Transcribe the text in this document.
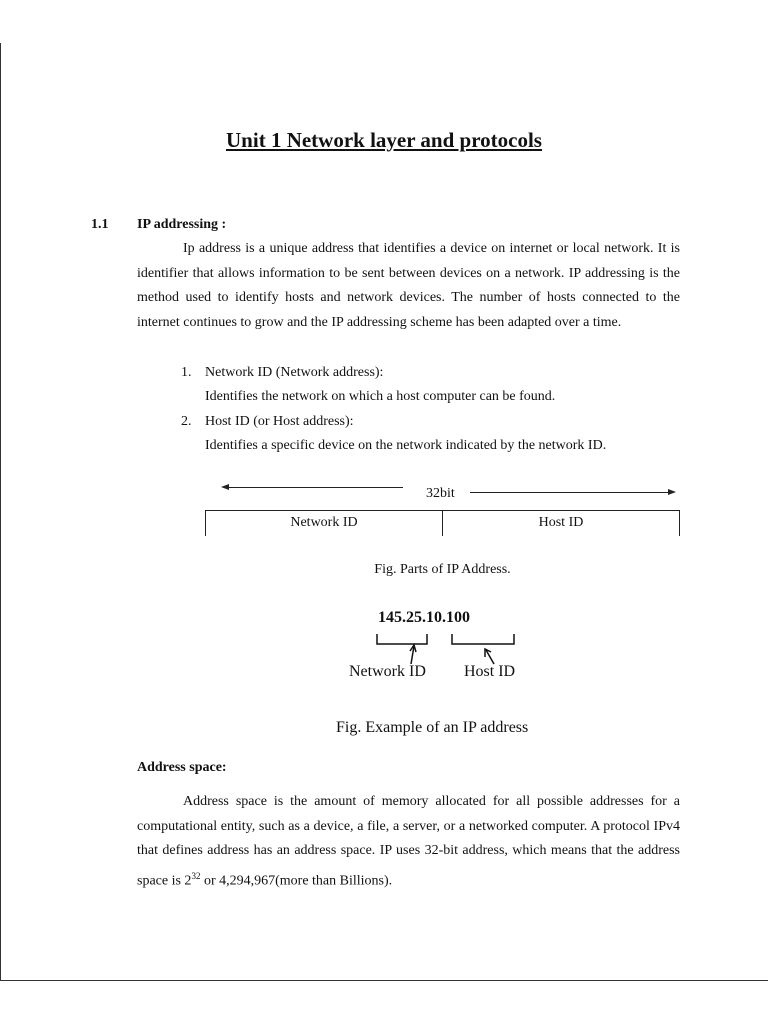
Unit 1 Network layer and protocols
1.1 IP addressing :

Ip address is a unique address that identifies a device on internet or local network. It is identifier that allows information to be sent between devices on a network. IP addressing is the method used to identify hosts and network devices. The number of hosts connected to the internet continues to grow and the IP addressing scheme has been adapted over a time.

1. Network ID (Network address):
Identifies the network on which a host computer can be found.
2. Host ID (or Host address):
Identifies a specific device on the network indicated by the network ID.
32bit
Network ID	Host ID
Fig. Parts of IP Address.
145.25.10.100
Network ID Host ID
Fig. Example of an IP address
Address space:

Address space is the amount of memory allocated for all possible addresses for a computational entity, such as a device, a file, a server, or a networked computer. A protocol IPv4 that defines address has an address space. IP uses 32-bit address, which means that the address space is $2^{32}$ or 4,294,967(more than Billions).
